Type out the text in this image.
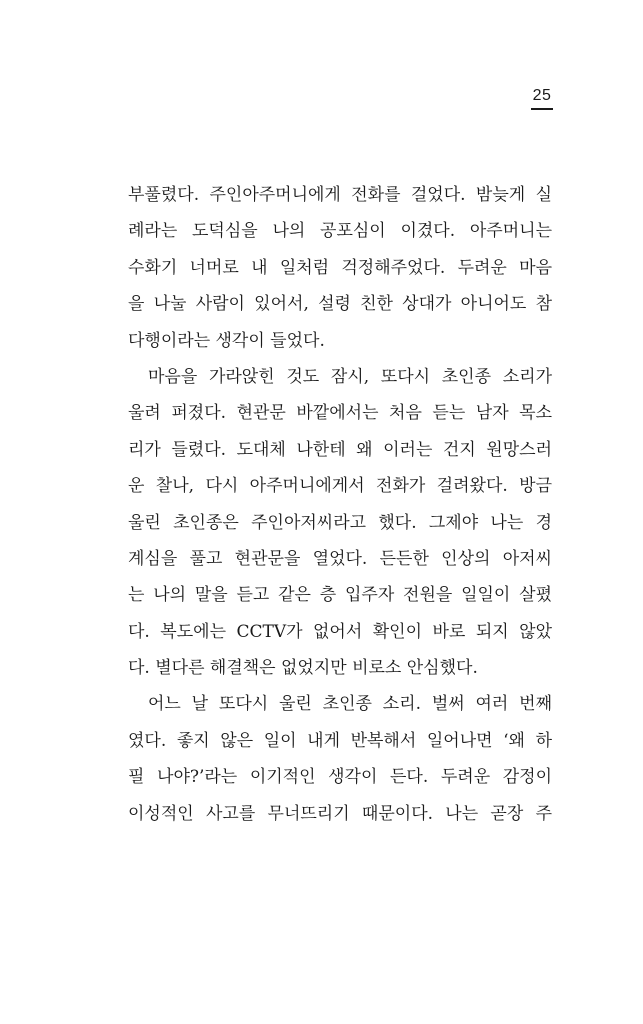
25
부풀렸다. 주인아주머니에게 전화를 걸었다. 밤늦게 실
례라는 도덕심을 나의 공포심이 이겼다. 아주머니는
수화기 너머로 내 일처럼 걱정해주었다. 두려운 마음
을 나눌 사람이 있어서, 설령 친한 상대가 아니어도 참
다행이라는 생각이 들었다.
마음을 가라앉힌 것도 잠시, 또다시 초인종 소리가
울려 퍼졌다. 현관문 바깥에서는 처음 듣는 남자 목소
리가 들렸다. 도대체 나한테 왜 이러는 건지 원망스러
운 찰나, 다시 아주머니에게서 전화가 걸려왔다. 방금
울린 초인종은 주인아저씨라고 했다. 그제야 나는 경
계심을 풀고 현관문을 열었다. 든든한 인상의 아저씨
는 나의 말을 듣고 같은 층 입주자 전원을 일일이 살폈
다. 복도에는 CCTV가 없어서 확인이 바로 되지 않았
다. 별다른 해결책은 없었지만 비로소 안심했다.
어느 날 또다시 울린 초인종 소리. 벌써 여러 번째
였다. 좋지 않은 일이 내게 반복해서 일어나면 ‘왜 하
필 나야?’라는 이기적인 생각이 든다. 두려운 감정이
이성적인 사고를 무너뜨리기 때문이다. 나는 곧장 주
